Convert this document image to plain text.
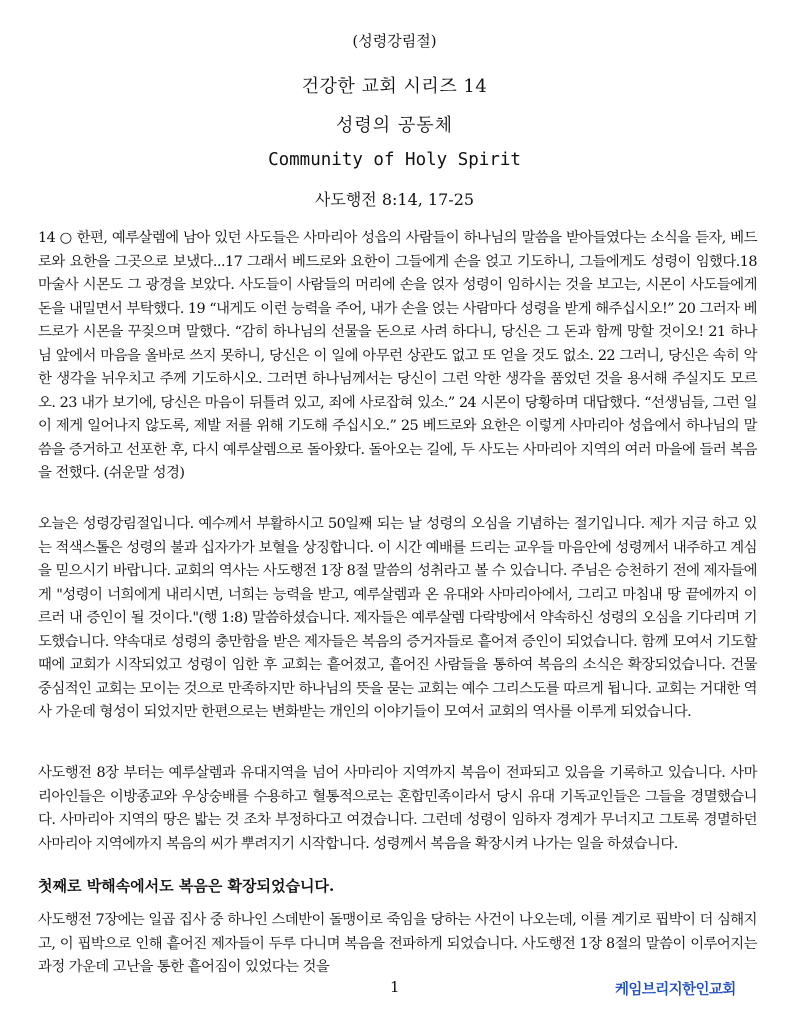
(성령강림절)
건강한 교회 시리즈 14
성령의 공동체
Community of Holy Spirit
사도행전 8:14, 17-25

14 ○ 한편, 예루살렘에 남아 있던 사도들은 사마리아 성읍의 사람들이 하나님의 말씀을 받아들였다는 소식을 듣자, 베드로와 요한을 그곳으로 보냈다...17 그래서 베드로와 요한이 그들에게 손을 얹고 기도하니, 그들에게도 성령이 임했다.18 마술사 시몬도 그 광경을 보았다. 사도들이 사람들의 머리에 손을 얹자 성령이 임하시는 것을 보고는, 시몬이 사도들에게 돈을 내밀면서 부탁했다. 19 “내게도 이런 능력을 주어, 내가 손을 얹는 사람마다 성령을 받게 해주십시오!” 20 그러자 베드로가 시몬을 꾸짖으며 말했다. “감히 하나님의 선물을 돈으로 사려 하다니, 당신은 그 돈과 함께 망할 것이오! 21 하나님 앞에서 마음을 올바로 쓰지 못하니, 당신은 이 일에 아무런 상관도 없고 또 얻을 것도 없소. 22 그러니, 당신은 속히 악한 생각을 뉘우치고 주께 기도하시오. 그러면 하나님께서는 당신이 그런 악한 생각을 품었던 것을 용서해 주실지도 모르오. 23 내가 보기에, 당신은 마음이 뒤틀려 있고, 죄에 사로잡혀 있소.” 24 시몬이 당황하며 대답했다. “선생님들, 그런 일이 제게 일어나지 않도록, 제발 저를 위해 기도해 주십시오.” 25 베드로와 요한은 이렇게 사마리아 성읍에서 하나님의 말씀을 증거하고 선포한 후, 다시 예루살렘으로 돌아왔다. 돌아오는 길에, 두 사도는 사마리아 지역의 여러 마을에 들러 복음을 전했다. (쉬운말 성경)

오늘은 성령강림절입니다. 예수께서 부활하시고 50일째 되는 날 성령의 오심을 기념하는 절기입니다. 제가 지금 하고 있는 적색스톨은 성령의 불과 십자가가 보혈을 상징합니다. 이 시간 예배를 드리는 교우들 마음안에 성령께서 내주하고 계심을 믿으시기 바랍니다. 교회의 역사는 사도행전 1장 8절 말씀의 성취라고 볼 수 있습니다. 주님은 승천하기 전에 제자들에게 "성령이 너희에게 내리시면, 너희는 능력을 받고, 예루살렘과 온 유대와 사마리아에서, 그리고 마침내 땅 끝에까지 이르러 내 증인이 될 것이다."(행 1:8) 말씀하셨습니다. 제자들은 예루살렘 다락방에서 약속하신 성령의 오심을 기다리며 기도했습니다. 약속대로 성령의 충만함을 받은 제자들은 복음의 증거자들로 흩어져 증인이 되었습니다. 함께 모여서 기도할때에 교회가 시작되었고 성령이 임한 후 교회는 흩어졌고, 흩어진 사람들을 통하여 복음의 소식은 확장되었습니다. 건물 중심적인 교회는 모이는 것으로 만족하지만 하나님의 뜻을 묻는 교회는 예수 그리스도를 따르게 됩니다. 교회는 거대한 역사 가운데 형성이 되었지만 한편으로는 변화받는 개인의 이야기들이 모여서 교회의 역사를 이루게 되었습니다.

사도행전 8장 부터는 예루살렘과 유대지역을 넘어 사마리아 지역까지 복음이 전파되고 있음을 기록하고 있습니다. 사마리아인들은 이방종교와 우상숭배를 수용하고 혈통적으로는 혼합민족이라서 당시 유대 기독교인들은 그들을 경멸했습니다. 사마리아 지역의 땅은 밟는 것 조차 부정하다고 여겼습니다. 그런데 성령이 임하자 경계가 무너지고 그토록 경멸하던 사마리아 지역에까지 복음의 씨가 뿌려지기 시작합니다. 성령께서 복음을 확장시켜 나가는 일을 하셨습니다.

첫째로 박해속에서도 복음은 확장되었습니다.

사도행전 7장에는 일곱 집사 중 하나인 스데반이 돌맹이로 죽임을 당하는 사건이 나오는데, 이를 계기로 핍박이 더 심해지고, 이 핍박으로 인해 흩어진 제자들이 두루 다니며 복음을 전파하게 되었습니다. 사도행전 1장 8절의 말씀이 이루어지는 과정 가운데 고난을 통한 흩어짐이 있었다는 것을

1	케임브리지한인교회
